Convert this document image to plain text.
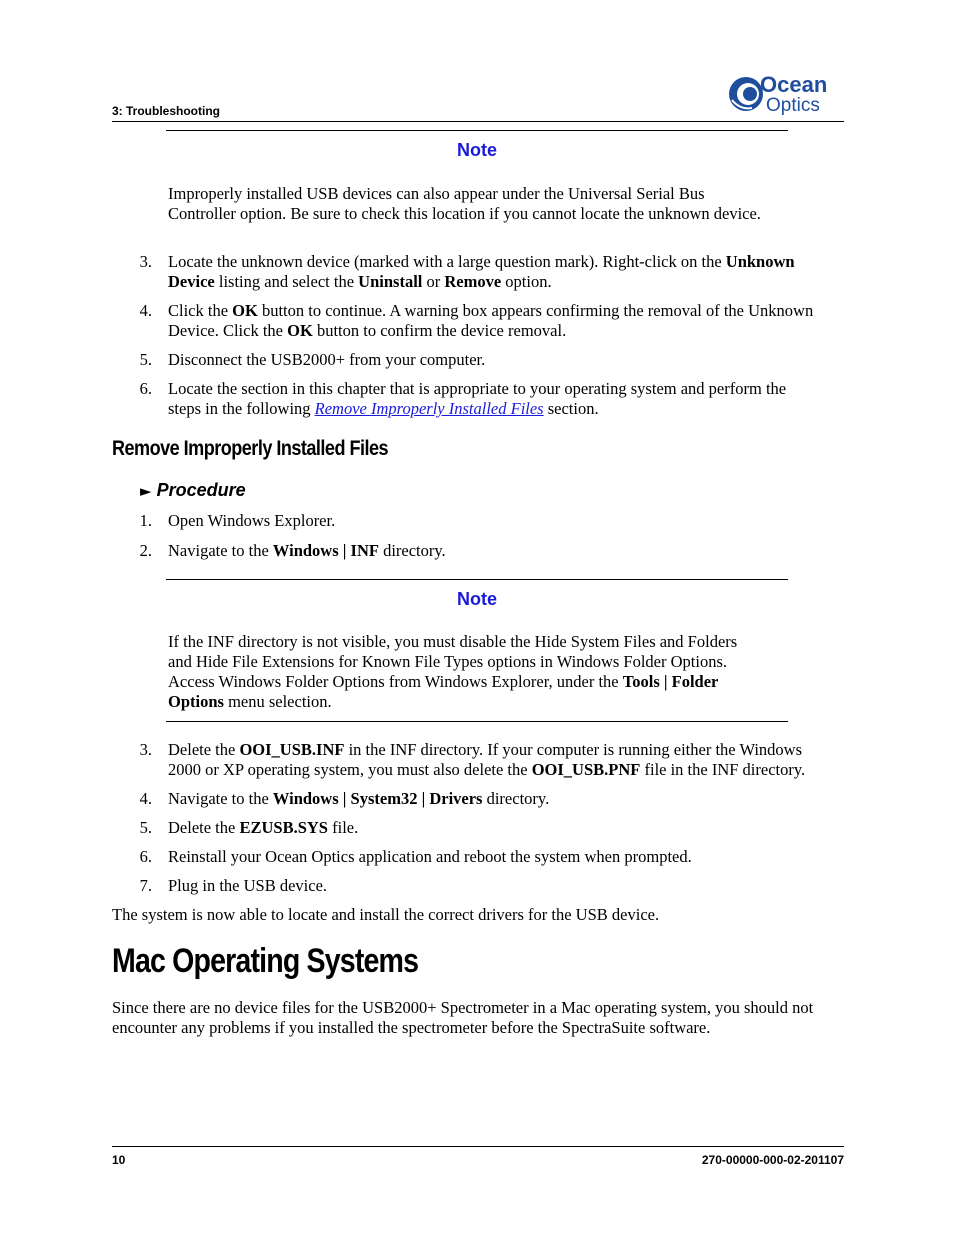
3: Troubleshooting
Ocean
Optics
Note
Improperly installed USB devices can also appear under the Universal Serial Bus
Controller option. Be sure to check this location if you cannot locate the unknown device.
3. Locate the unknown device (marked with a large question mark). Right-click on the Unknown
Device listing and select the Uninstall or Remove option.
4. Click the OK button to continue. A warning box appears confirming the removal of the Unknown
Device. Click the OK button to confirm the device removal.
5. Disconnect the USB2000+ from your computer.
6. Locate the section in this chapter that is appropriate to your operating system and perform the
steps in the following Remove Improperly Installed Files section.
Remove Improperly Installed Files
► Procedure
1. Open Windows Explorer.
2. Navigate to the Windows | INF directory.
Note
If the INF directory is not visible, you must disable the Hide System Files and Folders
and Hide File Extensions for Known File Types options in Windows Folder Options.
Access Windows Folder Options from Windows Explorer, under the Tools | Folder
Options menu selection.
3. Delete the OOI_USB.INF in the INF directory. If your computer is running either the Windows
2000 or XP operating system, you must also delete the OOI_USB.PNF file in the INF directory.
4. Navigate to the Windows | System32 | Drivers directory.
5. Delete the EZUSB.SYS file.
6. Reinstall your Ocean Optics application and reboot the system when prompted.
7. Plug in the USB device.
The system is now able to locate and install the correct drivers for the USB device.
Mac Operating Systems
Since there are no device files for the USB2000+ Spectrometer in a Mac operating system, you should not
encounter any problems if you installed the spectrometer before the SpectraSuite software.
10	270-00000-000-02-201107
